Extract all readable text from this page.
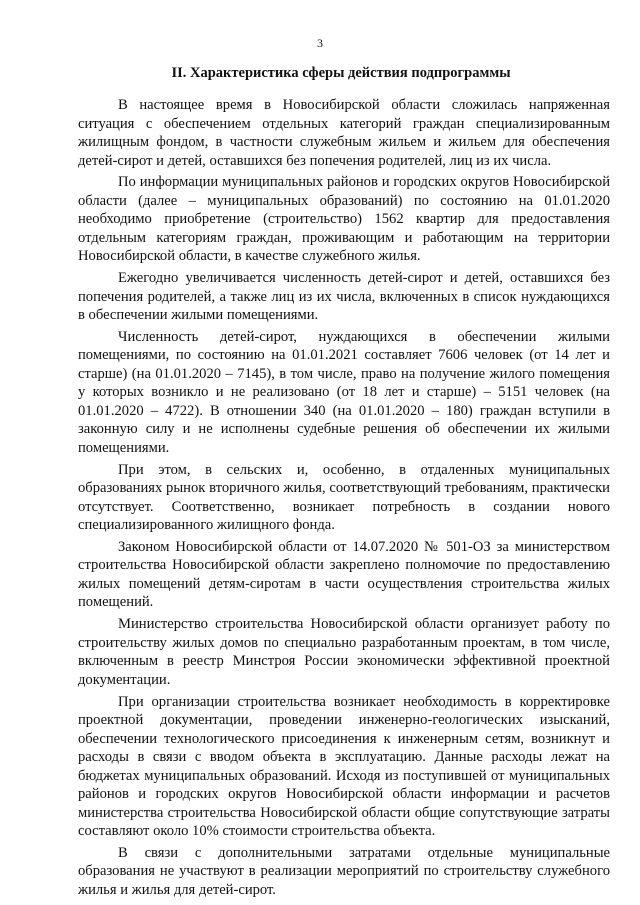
3
II. Характеристика сферы действия подпрограммы

В настоящее время в Новосибирской области сложилась напряженная ситуация с обеспечением отдельных категорий граждан специализированным жилищным фондом, в частности служебным жильем и жильем для обеспечения детей-сирот и детей, оставшихся без попечения родителей, лиц из их числа.

По информации муниципальных районов и городских округов Новосибирской области (далее – муниципальных образований) по состоянию на 01.01.2020 необходимо приобретение (строительство) 1562 квартир для предоставления отдельным категориям граждан, проживающим и работающим на территории Новосибирской области, в качестве служебного жилья.

Ежегодно увеличивается численность детей-сирот и детей, оставшихся без попечения родителей, а также лиц из их числа, включенных в список нуждающихся в обеспечении жилыми помещениями.

Численность детей-сирот, нуждающихся в обеспечении жилыми помещениями, по состоянию на 01.01.2021 составляет 7606 человек (от 14 лет и старше) (на 01.01.2020 – 7145), в том числе, право на получение жилого помещения у которых возникло и не реализовано (от 18 лет и старше) – 5151 человек (на 01.01.2020 – 4722). В отношении 340 (на 01.01.2020 – 180) граждан вступили в законную силу и не исполнены судебные решения об обеспечении их жилыми помещениями.

При этом, в сельских и, особенно, в отдаленных муниципальных образованиях рынок вторичного жилья, соответствующий требованиям, практически отсутствует. Соответственно, возникает потребность в создании нового специализированного жилищного фонда.

Законом Новосибирской области от 14.07.2020 № 501-ОЗ за министерством строительства Новосибирской области закреплено полномочие по предоставлению жилых помещений детям-сиротам в части осуществления строительства жилых помещений.

Министерство строительства Новосибирской области организует работу по строительству жилых домов по специально разработанным проектам, в том числе, включенным в реестр Минстроя России экономически эффективной проектной документации.

При организации строительства возникает необходимость в корректировке проектной документации, проведении инженерно-геологических изысканий, обеспечении технологического присоединения к инженерным сетям, возникнут и расходы в связи с вводом объекта в эксплуатацию. Данные расходы лежат на бюджетах муниципальных образований. Исходя из поступившей от муниципальных районов и городских округов Новосибирской области информации и расчетов министерства строительства Новосибирской области общие сопутствующие затраты составляют около 10% стоимости строительства объекта.

В связи с дополнительными затратами отдельные муниципальные образования не участвуют в реализации мероприятий по строительству служебного жилья и жилья для детей-сирот.
